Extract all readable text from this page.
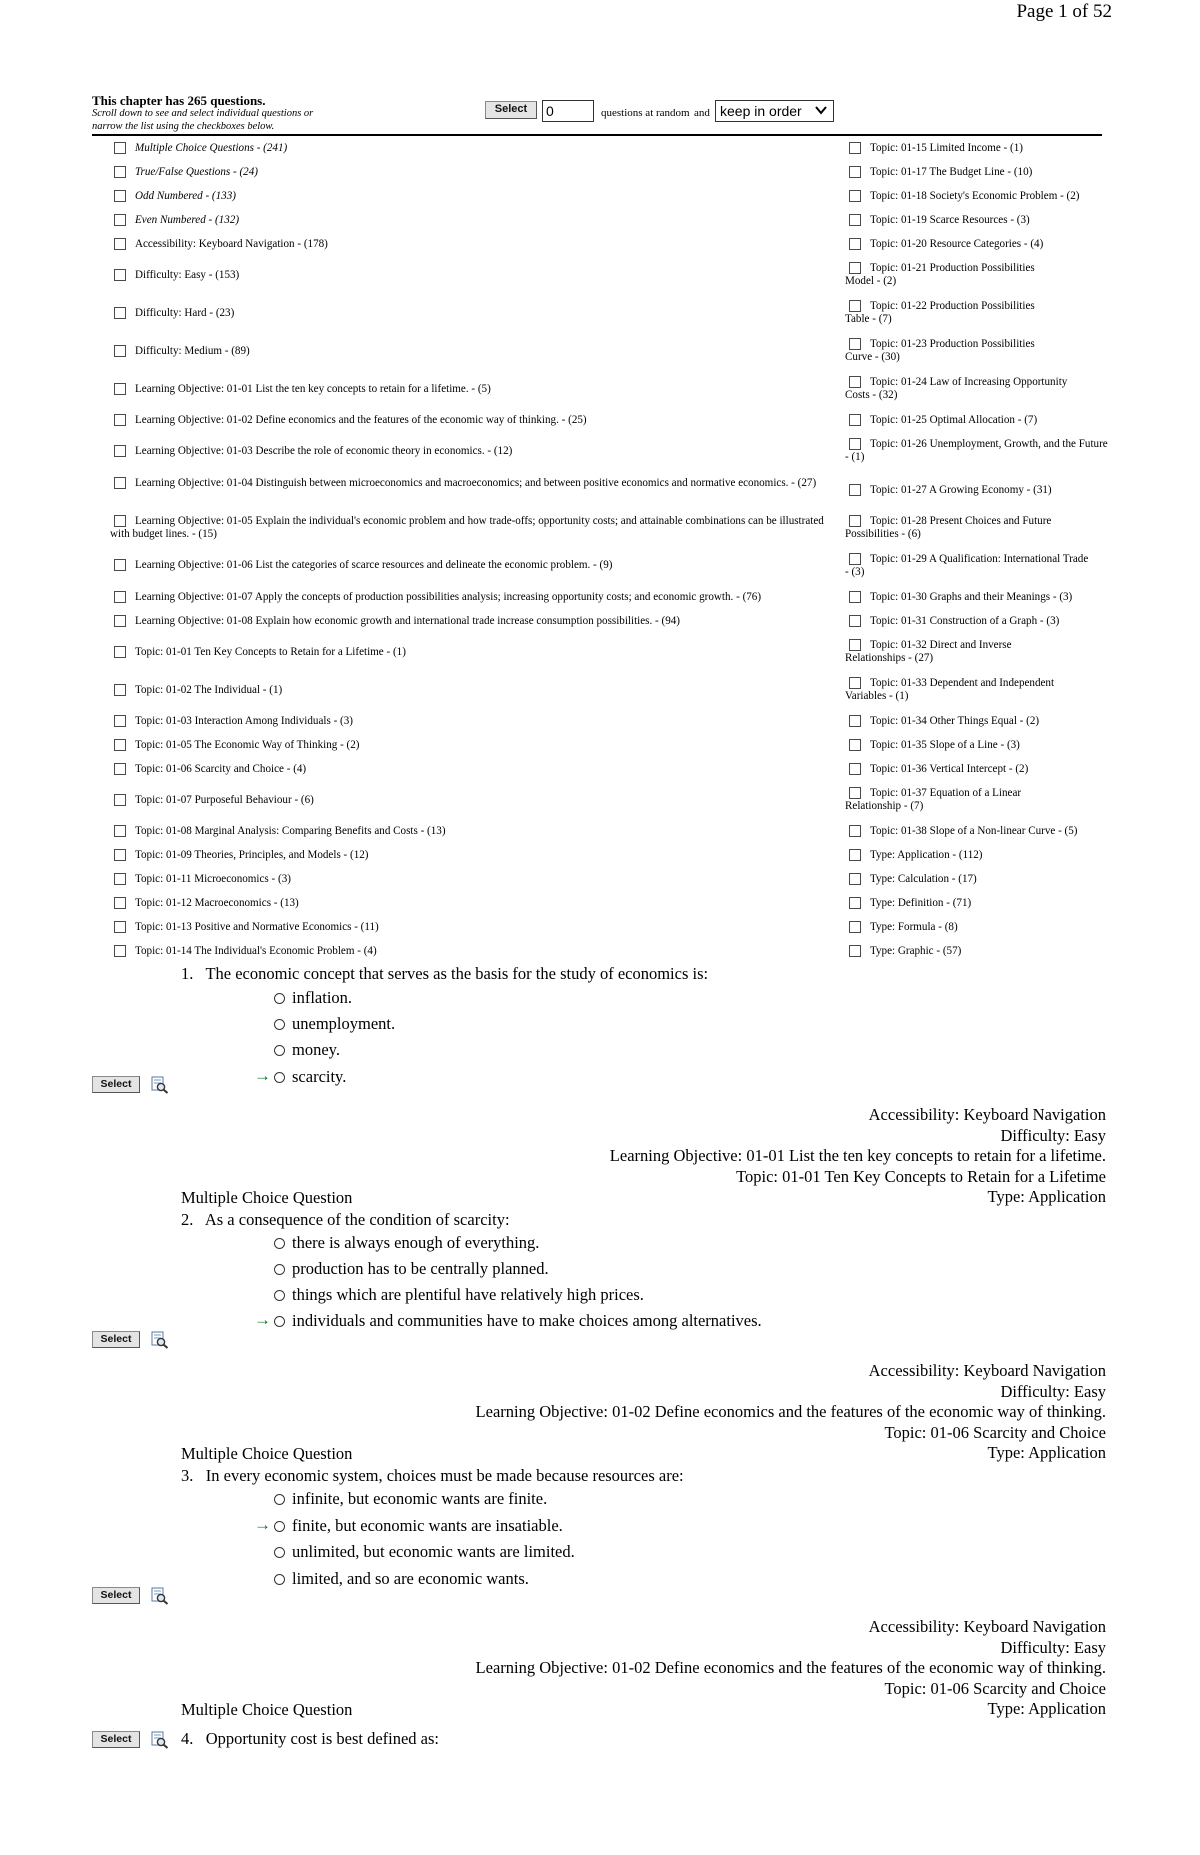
Page 1 of 52
This chapter has 265 questions.
Scroll down to see and select individual questions or narrow the list using the checkboxes below.
Select	0	questions at random and keep in order
Multiple Choice Questions - (241)
True/False Questions - (24)
Odd Numbered - (133)
Even Numbered - (132)
Accessibility: Keyboard Navigation - (178)
Difficulty: Easy - (153)
Difficulty: Hard - (23)
Difficulty: Medium - (89)
Learning Objective: 01-01 List the ten key concepts to retain for a lifetime. - (5)
Learning Objective: 01-02 Define economics and the features of the economic way of thinking. - (25)
Learning Objective: 01-03 Describe the role of economic theory in economics. - (12)
Learning Objective: 01-04 Distinguish between microeconomics and macroeconomics; and between positive economics and normative economics. - (27)
Learning Objective: 01-05 Explain the individual's economic problem and how trade-offs; opportunity costs; and attainable combinations can be illustrated with budget lines. - (15)
Learning Objective: 01-06 List the categories of scarce resources and delineate the economic problem. - (9)
Learning Objective: 01-07 Apply the concepts of production possibilities analysis; increasing opportunity costs; and economic growth. - (76)
Learning Objective: 01-08 Explain how economic growth and international trade increase consumption possibilities. - (94)
Topic: 01-01 Ten Key Concepts to Retain for a Lifetime - (1)
Topic: 01-02 The Individual - (1)
Topic: 01-03 Interaction Among Individuals - (3)
Topic: 01-05 The Economic Way of Thinking - (2)
Topic: 01-06 Scarcity and Choice - (4)
Topic: 01-07 Purposeful Behaviour - (6)
Topic: 01-08 Marginal Analysis: Comparing Benefits and Costs - (13)
Topic: 01-09 Theories, Principles, and Models - (12)
Topic: 01-11 Microeconomics - (3)
Topic: 01-12 Macroeconomics - (13)
Topic: 01-13 Positive and Normative Economics - (11)
Topic: 01-14 The Individual's Economic Problem - (4)
Topic: 01-15 Limited Income - (1)
Topic: 01-17 The Budget Line - (10)
Topic: 01-18 Society's Economic Problem - (2)
Topic: 01-19 Scarce Resources - (3)
Topic: 01-20 Resource Categories - (4)
Topic: 01-21 Production Possibilities Model - (2)
Topic: 01-22 Production Possibilities Table - (7)
Topic: 01-23 Production Possibilities Curve - (30)
Topic: 01-24 Law of Increasing Opportunity Costs - (32)
Topic: 01-25 Optimal Allocation - (7)
Topic: 01-26 Unemployment, Growth, and the Future - (1)
Topic: 01-27 A Growing Economy - (31)
Topic: 01-28 Present Choices and Future Possibilities - (6)
Topic: 01-29 A Qualification: International Trade - (3)
Topic: 01-30 Graphs and their Meanings - (3)
Topic: 01-31 Construction of a Graph - (3)
Topic: 01-32 Direct and Inverse Relationships - (27)
Topic: 01-33 Dependent and Independent Variables - (1)
Topic: 01-34 Other Things Equal - (2)
Topic: 01-35 Slope of a Line - (3)
Topic: 01-36 Vertical Intercept - (2)
Topic: 01-37 Equation of a Linear Relationship - (7)
Topic: 01-38 Slope of a Non-linear Curve - (5)
Type: Application - (112)
Type: Calculation - (17)
Type: Definition - (71)
Type: Formula - (8)
Type: Graphic - (57)
1.   The economic concept that serves as the basis for the study of economics is:
inflation.
unemployment.
money.
→ scarcity.
Select
Accessibility: Keyboard Navigation
Difficulty: Easy
Learning Objective: 01-01 List the ten key concepts to retain for a lifetime.
Topic: 01-01 Ten Key Concepts to Retain for a Lifetime
Type: Application
Multiple Choice Question
2.   As a consequence of the condition of scarcity:
there is always enough of everything.
production has to be centrally planned.
things which are plentiful have relatively high prices.
→ individuals and communities have to make choices among alternatives.
Select
Accessibility: Keyboard Navigation
Difficulty: Easy
Learning Objective: 01-02 Define economics and the features of the economic way of thinking.
Topic: 01-06 Scarcity and Choice
Type: Application
Multiple Choice Question
3.   In every economic system, choices must be made because resources are:
infinite, but economic wants are finite.
→ finite, but economic wants are insatiable.
unlimited, but economic wants are limited.
limited, and so are economic wants.
Select
Accessibility: Keyboard Navigation
Difficulty: Easy
Learning Objective: 01-02 Define economics and the features of the economic way of thinking.
Topic: 01-06 Scarcity and Choice
Type: Application
Multiple Choice Question
Select	4.   Opportunity cost is best defined as:
